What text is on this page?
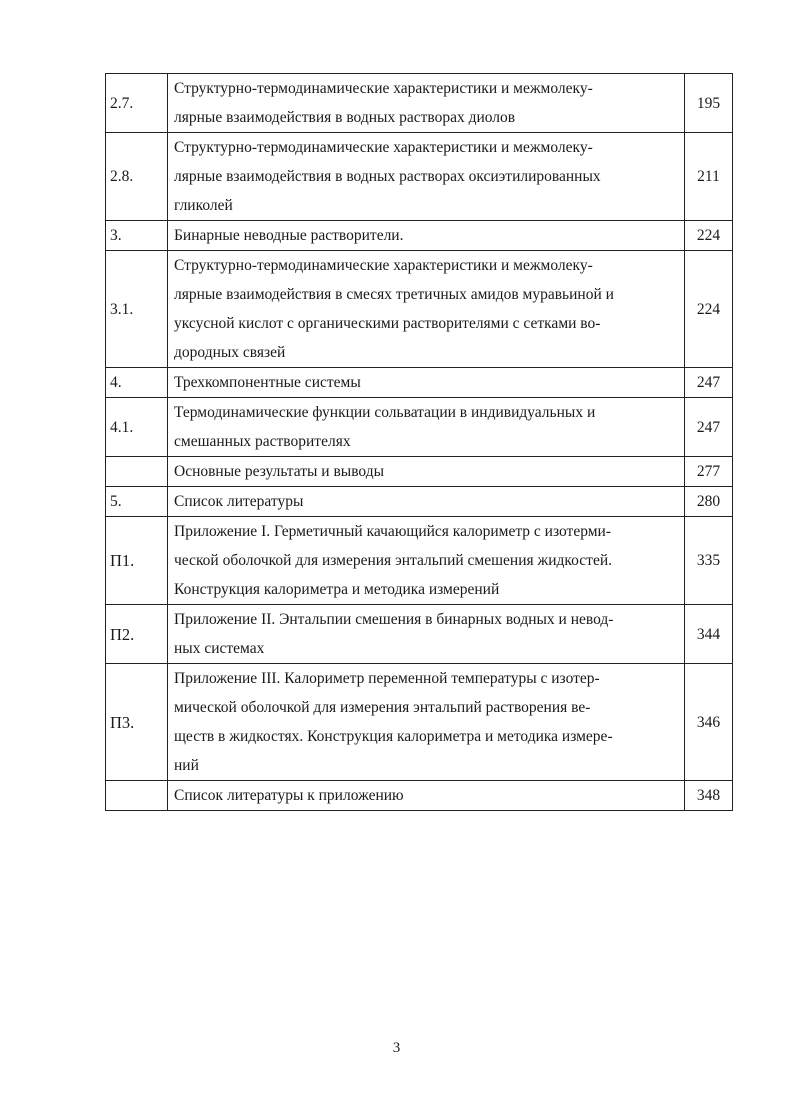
2.7.	Структурно-термодинамические характеристики и межмолеку-
лярные взаимодействия в водных растворах диолов	195
2.8.	Структурно-термодинамические характеристики и межмолеку-
лярные взаимодействия в водных растворах оксиэтилированных
гликолей	211
3.	Бинарные неводные растворители.	224
3.1.	Структурно-термодинамические характеристики и межмолеку-
лярные взаимодействия в смесях третичных амидов муравьиной и
уксусной кислот с органическими растворителями с сетками во-
дородных связей	224
4.	Трехкомпонентные системы	247
4.1.	Термодинамические функции сольватации в индивидуальных и
смешанных растворителях	247

	Основные результаты и выводы	277
5.	Список литературы	280
П1.	Приложение I. Герметичный качающийся калориметр с изотерми-
ческой оболочкой для измерения энтальпий смешения жидкостей.
Конструкция калориметра и методика измерений	335
П2.	Приложение II. Энтальпии смешения в бинарных водных и невод-
ных системах	344
П3.	Приложение III. Калориметр переменной температуры с изотер-
мической оболочкой для измерения энтальпий растворения ве-
ществ в жидкостях. Конструкция калориметра и методика измере-
ний	346

	Список литературы к приложению	348
3
